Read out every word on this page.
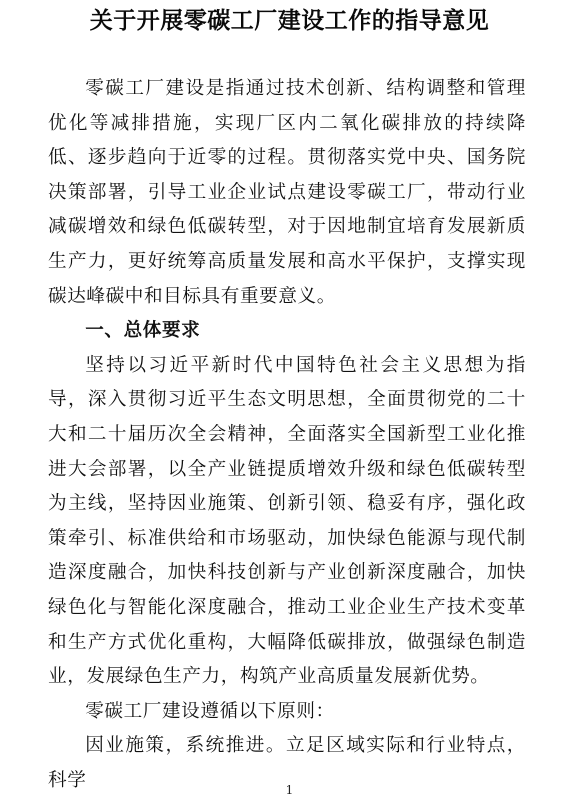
关于开展零碳工厂建设工作的指导意见

零碳工厂建设是指通过技术创新、结构调整和管理优化等减排措施，实现厂区内二氧化碳排放的持续降低、逐步趋向于近零的过程。贯彻落实党中央、国务院决策部署，引导工业企业试点建设零碳工厂，带动行业减碳增效和绿色低碳转型，对于因地制宜培育发展新质生产力，更好统筹高质量发展和高水平保护，支撑实现碳达峰碳中和目标具有重要意义。

一、总体要求

坚持以习近平新时代中国特色社会主义思想为指导，深入贯彻习近平生态文明思想，全面贯彻党的二十大和二十届历次全会精神，全面落实全国新型工业化推进大会部署，以全产业链提质增效升级和绿色低碳转型为主线，坚持因业施策、创新引领、稳妥有序，强化政策牵引、标准供给和市场驱动，加快绿色能源与现代制造深度融合，加快科技创新与产业创新深度融合，加快绿色化与智能化深度融合，推动工业企业生产技术变革和生产方式优化重构，大幅降低碳排放，做强绿色制造业，发展绿色生产力，构筑产业高质量发展新优势。

零碳工厂建设遵循以下原则：

因业施策，系统推进。立足区域实际和行业特点，科学	1
